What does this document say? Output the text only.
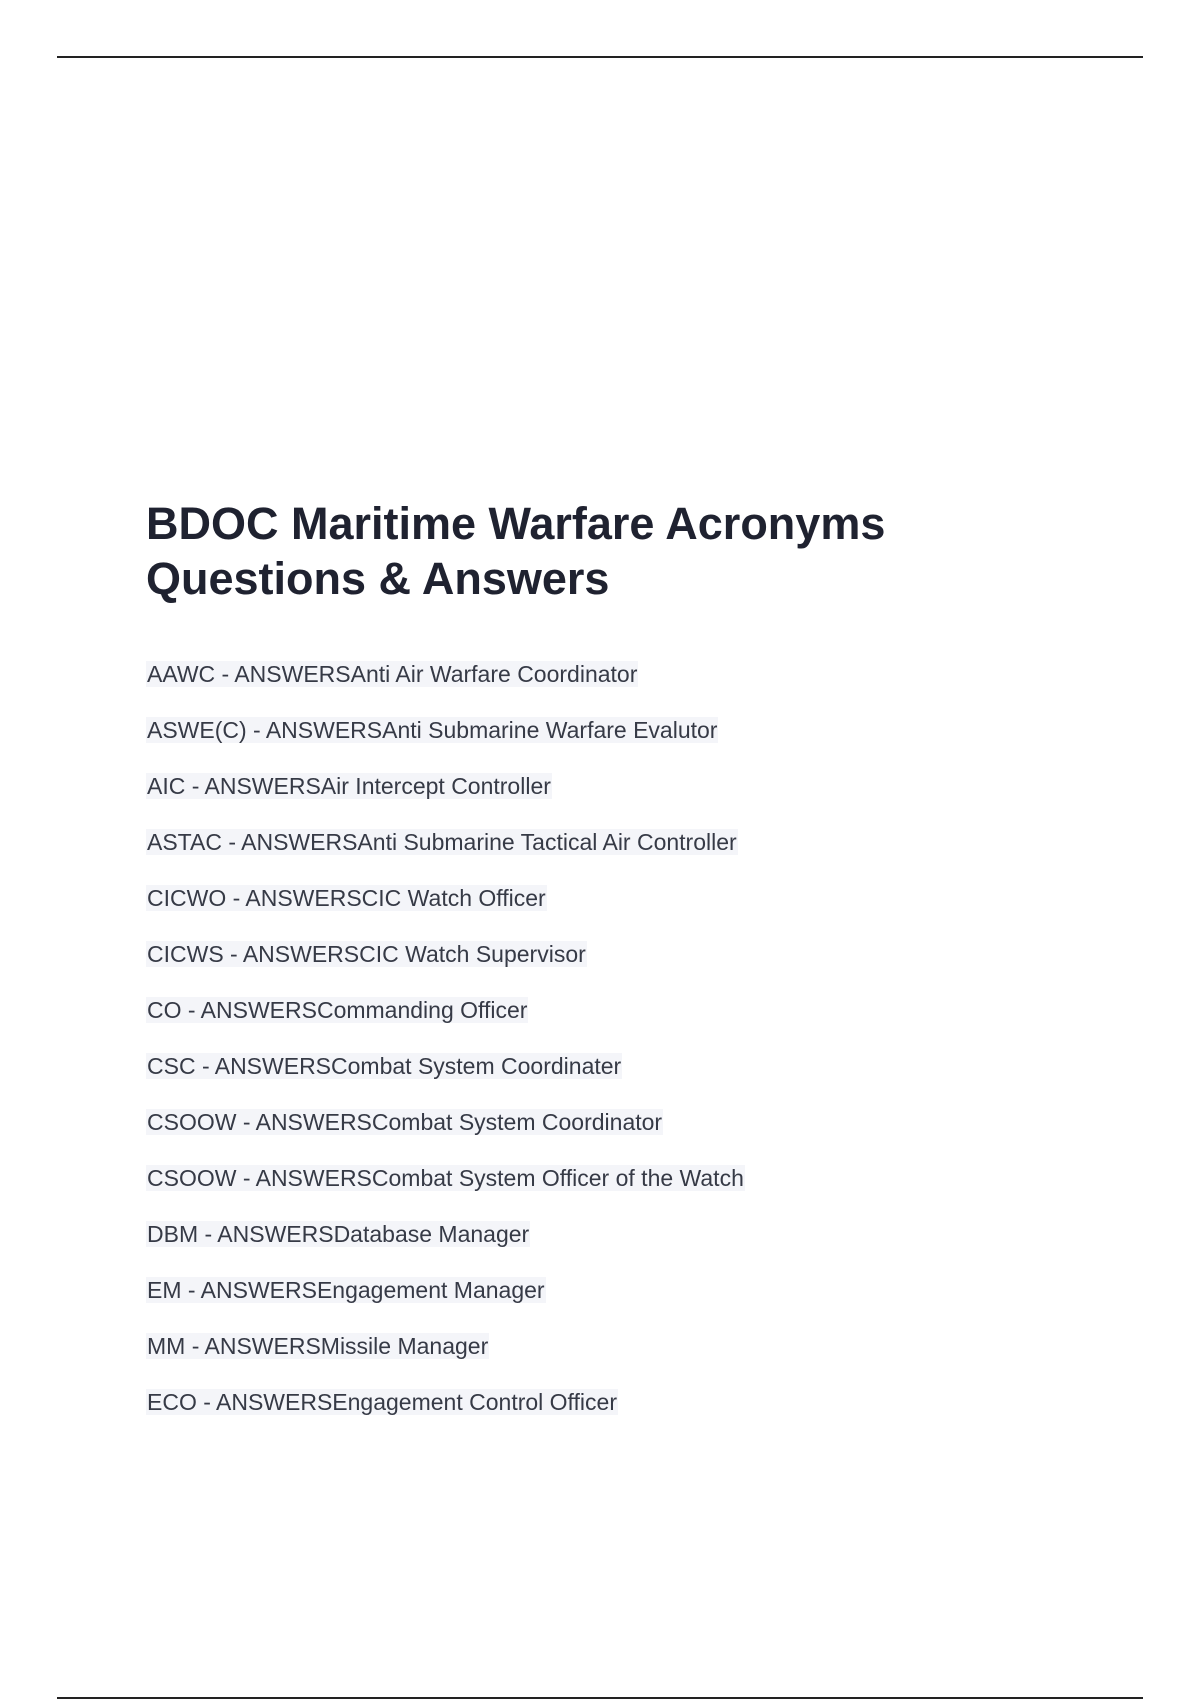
BDOC Maritime Warfare Acronyms
Questions & Answers
AAWC - ANSWERSAnti Air Warfare Coordinator
ASWE(C) - ANSWERSAnti Submarine Warfare Evalutor
AIC - ANSWERSAir Intercept Controller
ASTAC - ANSWERSAnti Submarine Tactical Air Controller
CICWO - ANSWERSCIC Watch Officer
CICWS - ANSWERSCIC Watch Supervisor
CO - ANSWERSCommanding Officer
CSC - ANSWERSCombat System Coordinater
CSOOW - ANSWERSCombat System Coordinator
CSOOW - ANSWERSCombat System Officer of the Watch
DBM - ANSWERSDatabase Manager
EM - ANSWERSEngagement Manager
MM - ANSWERSMissile Manager
ECO - ANSWERSEngagement Control Officer
